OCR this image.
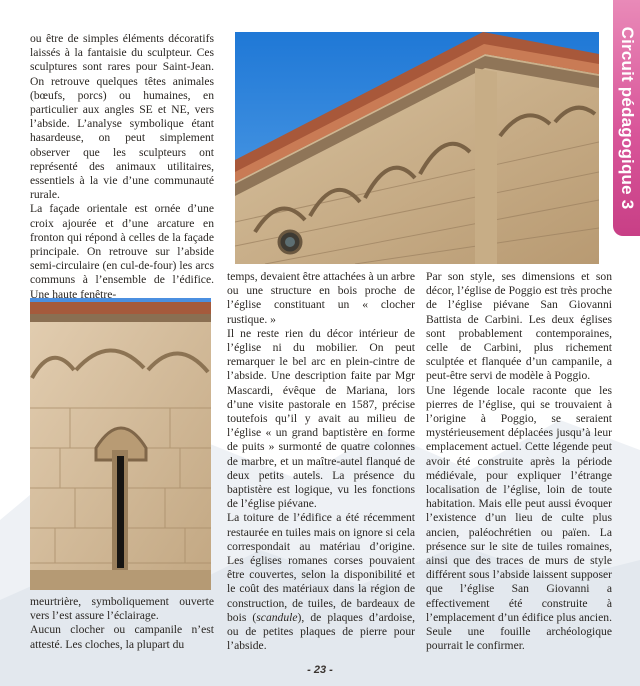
Circuit pédagogique 3

ou être de simples éléments décoratifs laissés à la fantaisie du sculpteur. Ces sculptures sont rares pour Saint-Jean. On retrouve quelques têtes animales (bœufs, porcs) ou humaines, en particulier aux angles SE et NE, vers l’abside. L’analyse symbolique étant hasardeuse, on peut simplement observer que les sculpteurs ont représenté des animaux utilitaires, essentiels à la vie d’une communauté rurale.

La façade orientale est ornée d’une croix ajourée et d’une arcature en fronton qui répond à celles de la façade principale. On retrouve sur l’abside semi-circulaire (en cul-de-four) les arcs communs à l’ensemble de l’édifice. Une haute fenêtre-

meurtrière, symboliquement ouverte vers l’est assure l’éclairage.

Aucun clocher ou campanile n’est attesté. Les cloches, la plupart du

temps, devaient être attachées à un arbre ou une structure en bois proche de l’église constituant un « clocher rustique. »

Il ne reste rien du décor intérieur de l’église ni du mobilier. On peut remarquer le bel arc en plein-cintre de l’abside. Une description faite par Mgr Mascardi, évêque de Mariana, lors d’une visite pastorale en 1587, précise toutefois qu’il y avait au milieu de l’église « un grand baptistère en forme de puits » surmonté de quatre colonnes de marbre, et un maître-autel flanqué de deux petits autels. La présence du baptistère est logique, vu les fonctions de l’église piévane.

La toiture de l’édifice a été récemment restaurée en tuiles mais on ignore si cela correspondait au matériau d’origine. Les églises romanes corses pouvaient être couvertes, selon la disponibilité et le coût des matériaux dans la région de construction, de tuiles, de bardeaux de bois (scandule), de plaques d’ardoise, ou de petites plaques de pierre pour l’abside.

Par son style, ses dimensions et son décor, l’église de Poggio est très proche de l’église piévane San Giovanni Battista de Carbini. Les deux églises sont probablement contemporaines, celle de Carbini, plus richement sculptée et flanquée d’un campanile, a peut-être servi de modèle à Poggio.

Une légende locale raconte que les pierres de l’église, qui se trouvaient à l’origine à Poggio, se seraient mystérieusement déplacées jusqu’à leur emplacement actuel. Cette légende peut avoir été construite après la période médiévale, pour expliquer l’étrange localisation de l’église, loin de toute habitation. Mais elle peut aussi évoquer l’existence d’un lieu de culte plus ancien, paléochrétien ou païen. La présence sur le site de tuiles romaines, ainsi que des traces de murs de style différent sous l’abside laissent supposer que l’église San Giovanni a effectivement été construite à l’emplacement d’un édifice plus ancien. Seule une fouille archéologique pourrait le confirmer.

- 23 -
